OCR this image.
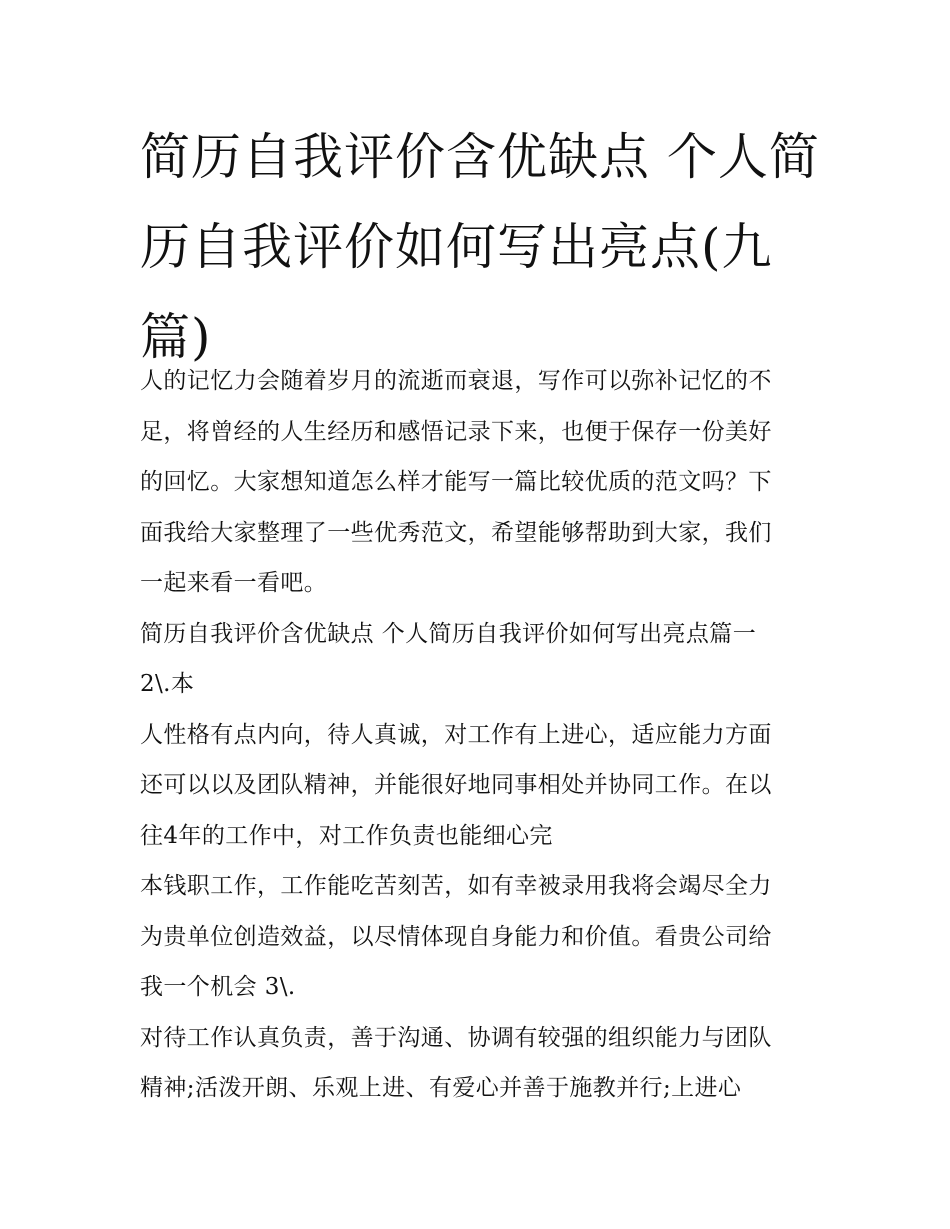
简历自我评价含优缺点 个人简
历自我评价如何写出亮点(九
篇)
人的记忆力会随着岁月的流逝而衰退，写作可以弥补记忆的不
足，将曾经的人生经历和感悟记录下来，也便于保存一份美好
的回忆。大家想知道怎么样才能写一篇比较优质的范文吗？下
面我给大家整理了一些优秀范文，希望能够帮助到大家，我们
一起来看一看吧。
简历自我评价含优缺点 个人简历自我评价如何写出亮点篇一
2\.本
人性格有点内向，待人真诚，对工作有上进心，适应能力方面
还可以以及团队精神，并能很好地同事相处并协同工作。在以
往4年的工作中，对工作负责也能细心完
本钱职工作，工作能吃苦刻苦，如有幸被录用我将会竭尽全力
为贵单位创造效益，以尽情体现自身能力和价值。看贵公司给
我一个机会 3\.
对待工作认真负责，善于沟通、协调有较强的组织能力与团队
精神;活泼开朗、乐观上进、有爱心并善于施教并行;上进心
